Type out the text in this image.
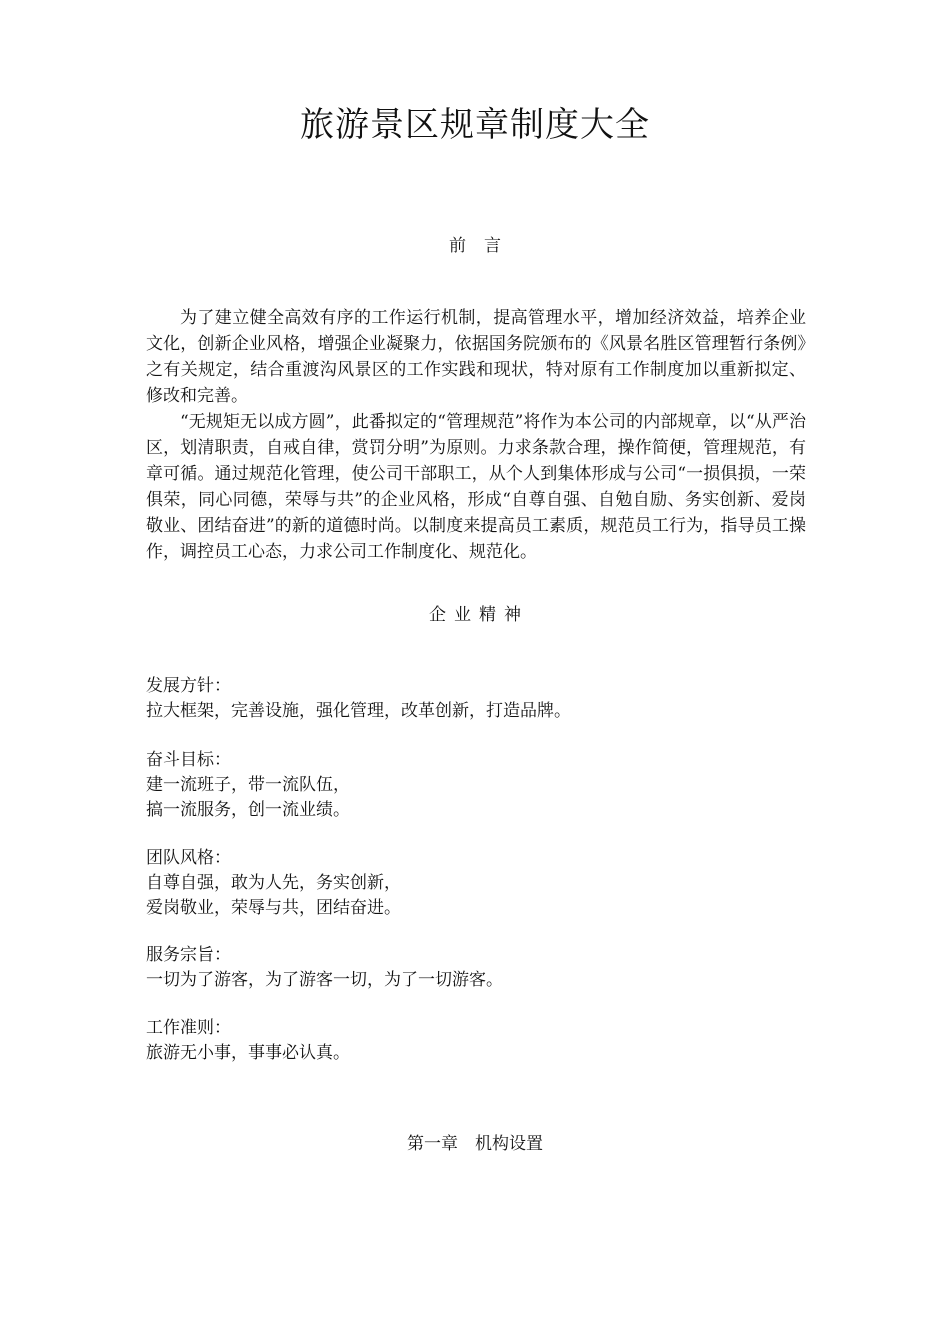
旅游景区规章制度大全
前言

为了建立健全高效有序的工作运行机制，提高管理水平，增加经济效益，培养企业文化，创新企业风格，增强企业凝聚力，依据国务院颁布的《风景名胜区管理暂行条例》之有关规定，结合重渡沟风景区的工作实践和现状，特对原有工作制度加以重新拟定、修改和完善。

“无规矩无以成方圆”，此番拟定的“管理规范”将作为本公司的内部规章，以“从严治区，划清职责，自戒自律，赏罚分明”为原则。力求条款合理，操作简便，管理规范，有章可循。通过规范化管理，使公司干部职工，从个人到集体形成与公司“一损俱损，一荣俱荣，同心同德，荣辱与共”的企业风格，形成“自尊自强、自勉自励、务实创新、爱岗敬业、团结奋进”的新的道德时尚。以制度来提高员工素质，规范员工行为，指导员工操作，调控员工心态，力求公司工作制度化、规范化。

企业精神
发展方针：
拉大框架，完善设施，强化管理，改革创新，打造品牌。
奋斗目标：
建一流班子，带一流队伍，
搞一流服务，创一流业绩。
团队风格：
自尊自强，敢为人先，务实创新，
爱岗敬业，荣辱与共，团结奋进。
服务宗旨：
一切为了游客，为了游客一切，为了一切游客。
工作准则：
旅游无小事，事事必认真。
第一章　机构设置
